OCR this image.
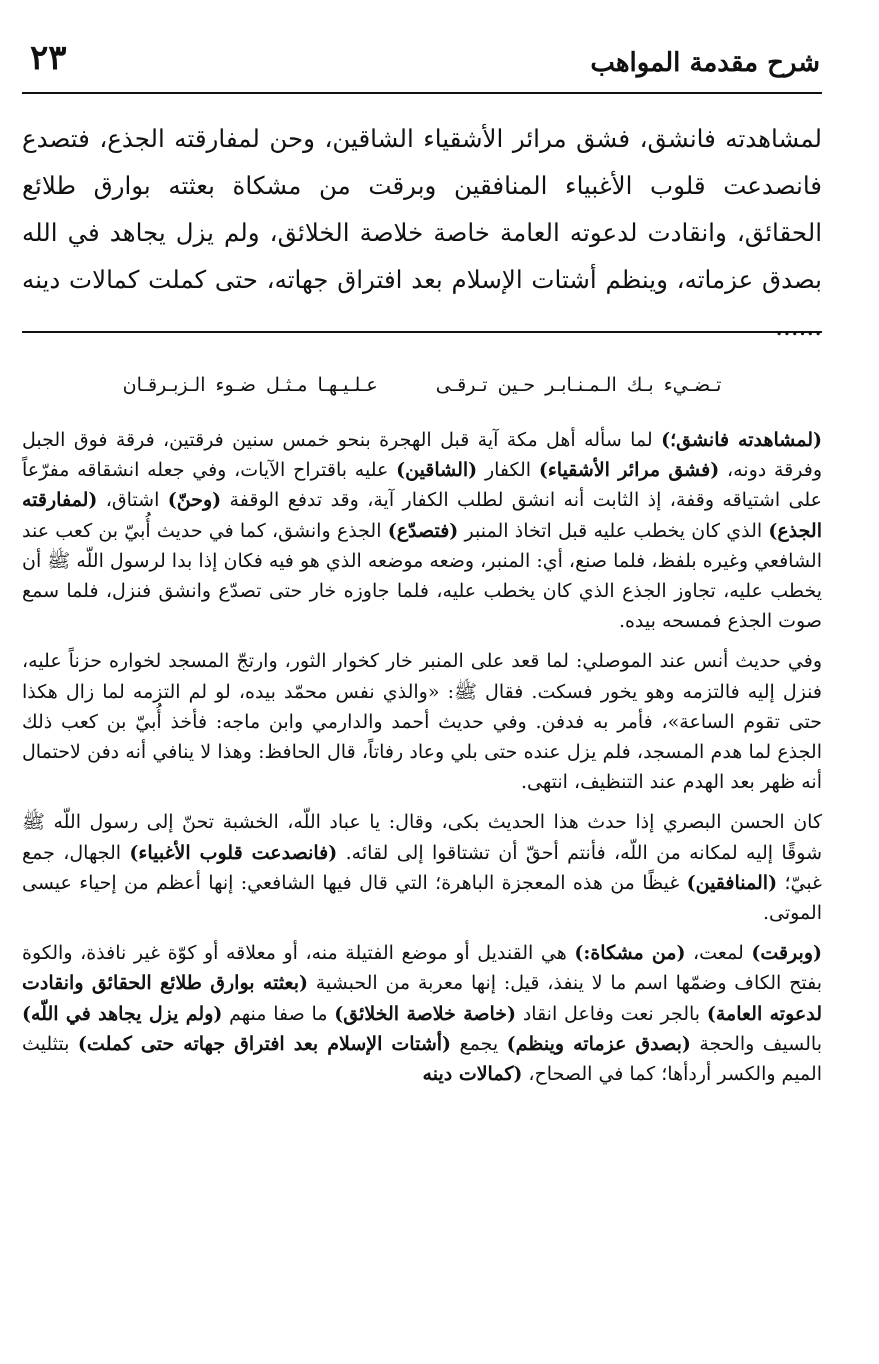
٢٣	شرح مقدمة المواهب
لمشاهدته فانشق، فشق مرائر الأشقياء الشاقين، وحن لمفارقته الجذع، فتصدع فانصدعت قلوب الأغبياء المنافقين وبرقت من مشكاة بعثته بوارق طلائع الحقائق، وانقادت لدعوته العامة خاصة خلاصة الخلائق، ولم يزل يجاهد في الله بصدق عزماته، وينظم أشتات الإسلام بعد افتراق جهاته، حتى كملت كمالات دينه ......
تـضـيء بـك الـمـنـابـر حـين تـرقـى عـلـيـهـا مـثـل ضـوء الـزبـرقـان

(لمشاهدته فانشق؛) لما سأله أهل مكة آية قبل الهجرة بنحو خمس سنين فرقتين، فرقة فوق الجبل وفرقة دونه، (فشق مرائر الأشقياء) الكفار (الشاقين) عليه باقتراح الآيات، وفي جعله انشقاقه مفرّعاً على اشتياقه وقفة، إذ الثابت أنه انشق لطلب الكفار آية، وقد تدفع الوقفة (وحنّ) اشتاق، (لمفارقته الجذع) الذي كان يخطب عليه قبل اتخاذ المنبر (فتصدّع) الجذع وانشق، كما في حديث أُبيّ بن كعب عند الشافعي وغيره بلفظ، فلما صنع، أي: المنبر، وضعه موضعه الذي هو فيه فكان إذا بدا لرسول اللّه ﷺ أن يخطب عليه، تجاوز الجذع الذي كان يخطب عليه، فلما جاوزه خار حتى تصدّع وانشق فنزل، فلما سمع صوت الجذع فمسحه بيده.

وفي حديث أنس عند الموصلي: لما قعد على المنبر خار كخوار الثور، وارتجّ المسجد لخواره حزناً عليه، فنزل إليه فالتزمه وهو يخور فسكت. فقال ﷺ: «والذي نفس محمّد بيده، لو لم التزمه لما زال هكذا حتى تقوم الساعة»، فأمر به فدفن. وفي حديث أحمد والدارمي وابن ماجه: فأخذ أُبيّ بن كعب ذلك الجذع لما هدم المسجد، فلم يزل عنده حتى بلي وعاد رفاتاً، قال الحافظ: وهذا لا ينافي أنه دفن لاحتمال أنه ظهر بعد الهدم عند التنظيف، انتهى.

كان الحسن البصري إذا حدث هذا الحديث بكى، وقال: يا عباد اللّه، الخشبة تحنّ إلى رسول اللّه ﷺ شوقًا إليه لمكانه من اللّه، فأنتم أحقّ أن تشتاقوا إلى لقائه. (فانصدعت قلوب الأغبياء) الجهال، جمع غبيّ؛ (المنافقين) غيظًا من هذه المعجزة الباهرة؛ التي قال فيها الشافعي: إنها أعظم من إحياء عيسى الموتى.

(وبرقت) لمعت، (من مشكاة:) هي القنديل أو موضع الفتيلة منه، أو معلاقه أو كوّة غير نافذة، والكوة بفتح الكاف وضمّها اسم ما لا ينفذ، قيل: إنها معربة من الحبشية (بعثته بوارق طلائع الحقائق وانقادت لدعوته العامة) بالجر نعت وفاعل انقاد (خاصة خلاصة الخلائق) ما صفا منهم (ولم يزل يجاهد في اللّه) بالسيف والحجة (بصدق عزماته وينظم) يجمع (أشتات الإسلام بعد افتراق جهاته حتى كملت) بتثليث الميم والكسر أردأها؛ كما في الصحاح، (كمالات دينه
